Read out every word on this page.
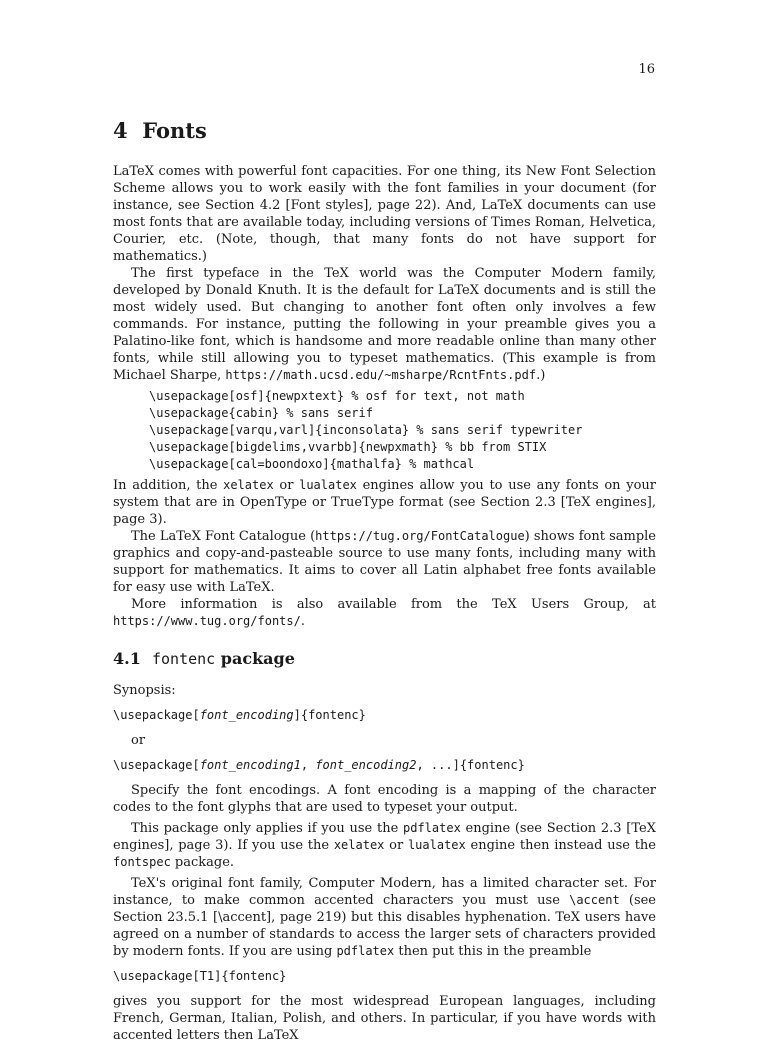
16
4 Fonts

LaTeX comes with powerful font capacities. For one thing, its New Font Selection Scheme allows you to work easily with the font families in your document (for instance, see Section 4.2 [Font styles], page 22). And, LaTeX documents can use most fonts that are available today, including versions of Times Roman, Helvetica, Courier, etc. (Note, though, that many fonts do not have support for mathematics.)

The first typeface in the TeX world was the Computer Modern family, developed by Donald Knuth. It is the default for LaTeX documents and is still the most widely used. But changing to another font often only involves a few commands. For instance, putting the following in your preamble gives you a Palatino-like font, which is handsome and more readable online than many other fonts, while still allowing you to typeset mathematics. (This example is from Michael Sharpe, https://math.ucsd.edu/~msharpe/RcntFnts.pdf.)

\usepackage[osf]{newpxtext} % osf for text, not math
\usepackage{cabin} % sans serif
\usepackage[varqu,varl]{inconsolata} % sans serif typewriter
\usepackage[bigdelims,vvarbb]{newpxmath} % bb from STIX
\usepackage[cal=boondoxo]{mathalfa} % mathcal

In addition, the xelatex or lualatex engines allow you to use any fonts on your system that are in OpenType or TrueType format (see Section 2.3 [TeX engines], page 3).

The LaTeX Font Catalogue (https://tug.org/FontCatalogue) shows font sample graphics and copy-and-pasteable source to use many fonts, including many with support for mathematics. It aims to cover all Latin alphabet free fonts available for easy use with LaTeX.

More information is also available from the TeX Users Group, at https://www.tug.org/fonts/.

4.1 fontenc package

Synopsis:

\usepackage[font_encoding]{fontenc}
or
\usepackage[font_encoding1, font_encoding2, ...]{fontenc}

Specify the font encodings. A font encoding is a mapping of the character codes to the font glyphs that are used to typeset your output.

This package only applies if you use the pdflatex engine (see Section 2.3 [TeX engines], page 3). If you use the xelatex or lualatex engine then instead use the fontspec package.

TeX's original font family, Computer Modern, has a limited character set. For instance, to make common accented characters you must use \accent (see Section 23.5.1 [\accent], page 219) but this disables hyphenation. TeX users have agreed on a number of standards to access the larger sets of characters provided by modern fonts. If you are using pdflatex then put this in the preamble

\usepackage[T1]{fontenc}

gives you support for the most widespread European languages, including French, German, Italian, Polish, and others. In particular, if you have words with accented letters then LaTeX
